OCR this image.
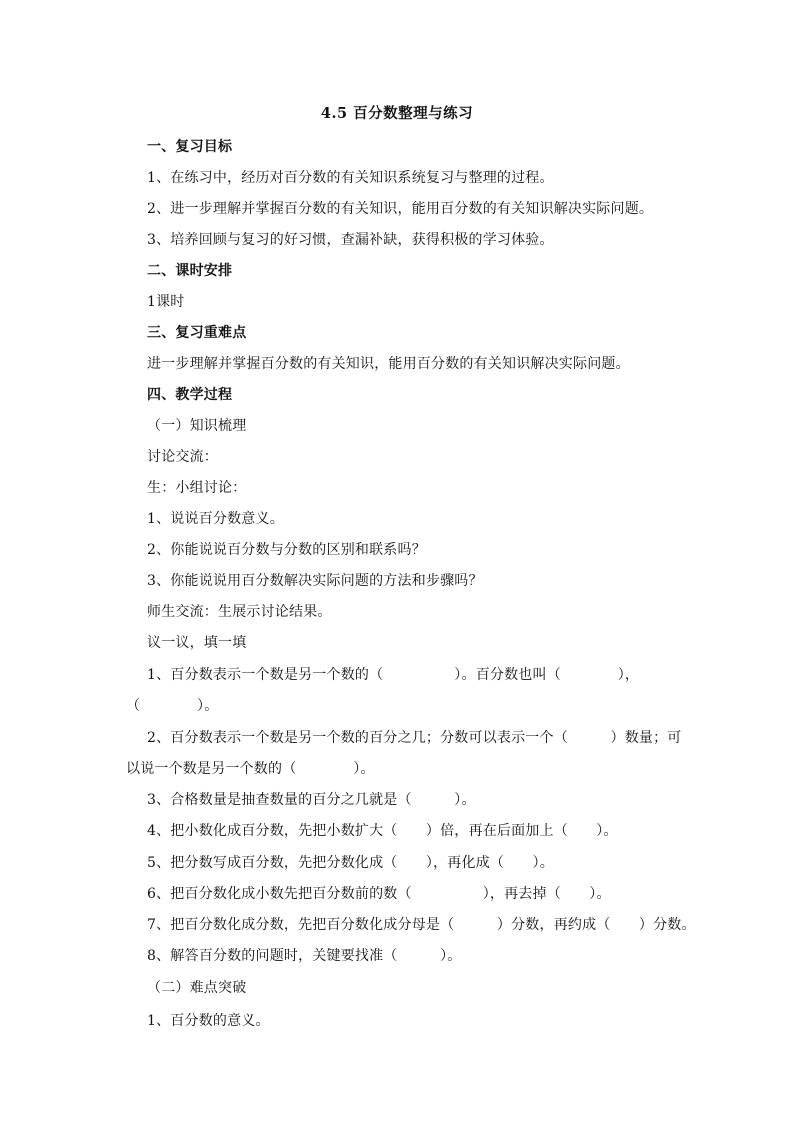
4.5 百分数整理与练习
一、复习目标
1、在练习中，经历对百分数的有关知识系统复习与整理的过程。
2、进一步理解并掌握百分数的有关知识，能用百分数的有关知识解决实际问题。
3、培养回顾与复习的好习惯，查漏补缺，获得积极的学习体验。
二、课时安排
1课时
三、复习重难点
进一步理解并掌握百分数的有关知识，能用百分数的有关知识解决实际问题。
四、教学过程
（一）知识梳理
讨论交流：
生：小组讨论：
1、说说百分数意义。
2、你能说说百分数与分数的区别和联系吗？
3、你能说说用百分数解决实际问题的方法和步骤吗？
师生交流：生展示讨论结果。
议一议，填一填
1、百分数表示一个数是另一个数的（　　　　　）。百分数也叫（　　　　），
（　　　　）。
2、百分数表示一个数是另一个数的百分之几；分数可以表示一个（　　　）数量；可
以说一个数是另一个数的（　　　　）。
3、合格数量是抽查数量的百分之几就是（　　　）。
4、把小数化成百分数，先把小数扩大（　　）倍，再在后面加上（　　）。
5、把分数写成百分数，先把分数化成（　　），再化成（　　）。
6、把百分数化成小数先把百分数前的数（　　　　　），再去掉（　　）。
7、把百分数化成分数，先把百分数化成分母是（　　　）分数，再约成（　　）分数。
8、解答百分数的问题时，关键要找准（　　　）。
（二）难点突破
1、百分数的意义。
